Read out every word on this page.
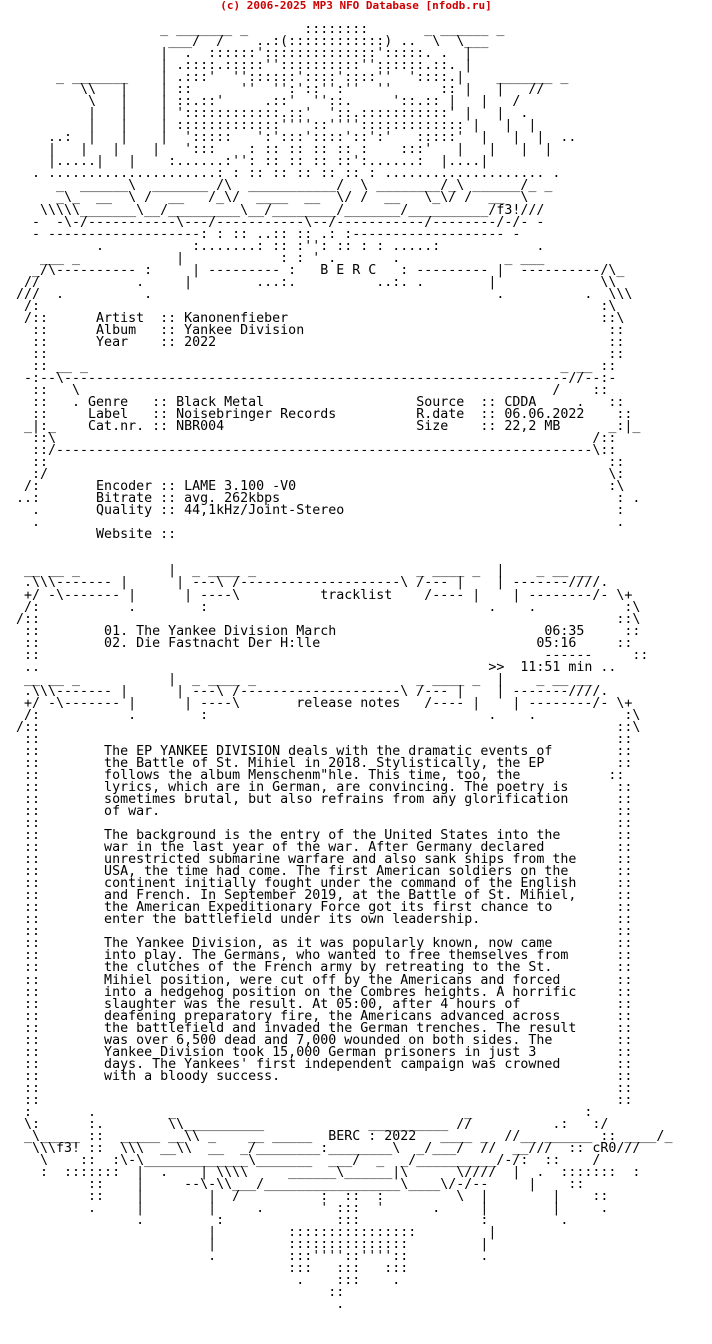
(c) 2006-2025 MP3 NFO Database [nfodb.ru]

_ _______ _       ::::::::       _ ______ _
___/  /    ..:(::::::::::::) ..  \  \___
|  .  ::::::'::::::::::::::':::::. .  |
| .::::.:::::''::::::::::''::::::.::. |
_ _______    | .:::'  ''::::::'::::'::::''  '::::.|    _______ _
\\   |    | ::      ''  '':'::'':''  ''      :: |   |   //
\   |    | ::.::'     .::'  ''::.     '::.:: |   |   /
|   |    | '::::::::::::.::'  '::.:::::::::::' |   |  .
|   |    | :::::::::::::''''::''''::::::::::::: |   |  |
..:  |   |    |  ':::::   ':':::'::::'::':'   :::::'  |   |  |  ..
|   |   |    |   ':::    : :: :: :: :: :    :::'   |   |   |  |
|.....|   |    :......:'': :: :: :: ::':......:  |....|
. .....................: : :: :: :: :: :: : .................... .
_  ______\  _______ /\  ___________/  \ ________/_\ ______/_ _
_\_  __  \ /  __   /_\/  ____  __  \/ /  __   \_\/ /  __  \
\\\\\_______\__/_________\__/________/_______/__________/f3!///
-  -\-/-----------\---/-----------\--/-----------/--------/-/- -
- -------------------: : :: ..:: :: .: :------------------- -
.           :.......: :: :'': :: : : .....:            .
___ _            |            : : ' .       .             _ ___
_/\---------- :     | --------- :   B E R C   : --------- |  ----------/\_
//            .     |        ...:.          ..:. .        |             \\
///  .          .                                           .          .  \\\
/:                                                                      :\
/::      Artist  :: Kanonenfieber                                       ::\
::      Album   :: Yankee Division                                      ::
::      Year    :: 2022                                                 ::
::                                                                      ::
:: __ _                                                           _ __ ::
-:--\---------------------------------------------------------------//--:-
::   \                                                           /    ::
::   . Genre   :: Black Metal                   Source  :: CDDA     .   ::
::     Label   :: Noisebringer Records          R.date  :: 06.06.2022    ::
_|:_    Cat.nr. :: NBR004                        Size    :: 22,2 MB      _:|_
::\                                                                   /::
::/-------------------------------------------------------------------\::
::                                                                      ::
:/                                                                      \:
/:       Encoder :: LAME 3.100 -V0                                       :\
..:       Bitrate :: avg. 262kbps                                          : .
.       Quality :: 44,1kHz/Joint-Stereo                                  :
.                                                                        .
Website ::

__ __ _           |  _ ____ _                    _ ____ _  |    _ __ __
.\\\------- |      | ---\ /--------------------\ /--- |    | -------////.
+/ -\------- |      | ----\          tracklist    /---- |    | --------/- \+
/:           .        :                                   .    .           :\
/::                                                                        ::\
::        01. The Yankee Division March                          06:35     ::
::        02. Die Fastnacht Der H:lle                           05:16     ::
::                                                               ------     ::
..                                                        >>  11:51 min ..
__ __ _           |  _ ____ _                    _ ____ _  |    _ __ __
.\\\------- |      | ---\ /--------------------\ /--- |    | -------////.
+/ -\------- |      | ----\       release notes   /---- |    | --------/- \+
/:           .        :                                   .    .           :\
/::                                                                        ::\
::                                                                        ::
::        The EP YANKEE DIVISION deals with the dramatic events of        ::
::        the Battle of St. Mihiel in 2018. Stylistically, the EP         ::
::        follows the album Menschenm"hle. This time, too, the           ::
::        lyrics, which are in German, are convincing. The poetry is      ::
::        sometimes brutal, but also refrains from any glorification      ::
::        of war.                                                         ::
::                                                                        ::
::        The background is the entry of the United States into the       ::
::        war in the last year of the war. After Germany declared         ::
::        unrestricted submarine warfare and also sank ships from the     ::
::        USA, the time had come. The first American soldiers on the      ::
::        continent initially fought under the command of the English     ::
::        and French. In September 2019, at the Battle of St. Mihiel,     ::
::        the American Expeditionary Force got its first chance to        ::
::        enter the battlefield under its own leadership.                 ::
::                                                                        ::
::        The Yankee Division, as it was popularly known, now came        ::
::        into play. The Germans, who wanted to free themselves from      ::
::        the clutches of the French army by retreating to the St.        ::
::        Mihiel position, were cut off by the Americans and forced       ::
::        into a hedgehog position on the Combres heights. A horrific     ::
::        slaughter was the result. At 05:00, after 4 hours of            ::
::        deafening preparatory fire, the Americans advanced across       ::
::        the battlefield and invaded the German trenches. The result     ::
::        was over 6,500 dead and 7,000 wounded on both sides. The        ::
::        Yankee Division took 15,000 German prisoners in just 3          ::
::        days. The Yankees' first independent campaign was crowned       ::
::        with a bloody success.                                          ::
::                                                                        ::
::                                                                        ::
:       .         _                                    _              :
\:      :.        \\__________             __________ //          .:   :/
_\_____ ::  _____ __\\ _    __ _____  BERC : 2022   ____ _  //__ ______ :: ____/_
\\\f3! ::  \\\  __\\  __  _/________:________\  _/___/  //  __///  :: cR0///
\    ::  :\-\_____________\_______  ___/  _  _/__________/-/:  ::    /
:  :::::::  |  .    | \\\\     ______\______|\      \////  |  .  :::::::  :
::    |     --\-\\___/_________________\____\/-/--     |    ::
::    |        |  /          :  ::  :         \  |        |    ::
.     |        |     .       ' :::  '      .     |        |     .
.         :              :::               :         .
|         ::::::::::::::::         |
|         :::::::::::::::         |
.         :::''''::''''::         .
:::   :::   :::
.    :::    .
::
.
